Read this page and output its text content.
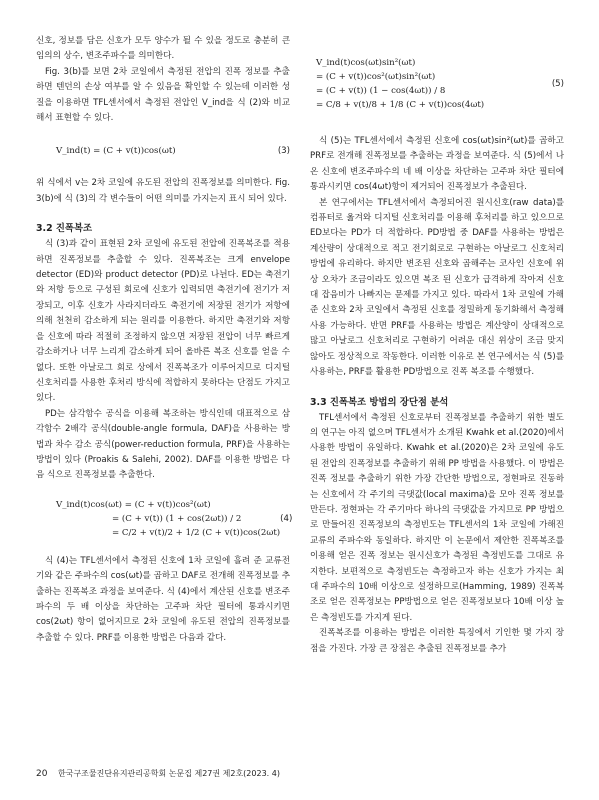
신호, 정보를 담은 신호가 모두 양수가 될 수 있을 정도로 충분히 큰 임의의 상수, 변조주파수를 의미한다.

Fig. 3(b)를 보면 2차 코일에서 측정된 전압의 진폭 정보를 추출하면 텐던의 손상 여부를 알 수 있음을 확인할 수 있는데 이러한 성질을 이용하면 TFL센서에서 측정된 전압인 V_ind을 식 (2)와 비교해서 표현할 수 있다.

V_ind(t) = (C + v(t))cos(ωt)	(3)

위 식에서 v는 2차 코일에 유도된 전압의 진폭정보를 의미한다. Fig. 3(b)에 식 (3)의 각 변수들이 어떤 의미를 가지는지 표시 되어 있다.

3.2 진폭복조

식 (3)과 같이 표현된 2차 코일에 유도된 전압에 진폭복조를 적용하면 진폭정보를 추출할 수 있다. 진폭복조는 크게 envelope detector (ED)와 product detector (PD)로 나뉜다. ED는 축전기와 저항 등으로 구성된 회로에 신호가 입력되면 축전기에 전기가 저장되고, 이후 신호가 사라지더라도 축전기에 저장된 전기가 저항에 의해 천천히 감소하게 되는 원리를 이용한다. 하지만 축전기와 저항을 신호에 따라 적절히 조정하지 않으면 저장된 전압이 너무 빠르게 감소하거나 너무 느리게 감소하게 되어 올바른 복조 신호를 얻을 수 없다. 또한 아날로그 회로 상에서 진폭복조가 이루어지므로 디지털 신호처리를 사용한 후처리 방식에 적합하지 못하다는 단점도 가지고 있다.

PD는 삼각함수 공식을 이용해 복조하는 방식인데 대표적으로 삼각함수 2배각 공식(double-angle formula, DAF)을 사용하는 방법과 차수 감소 공식(power-reduction formula, PRF)을 사용하는 방법이 있다 (Proakis & Salehi, 2002). DAF를 이용한 방법은 다음 식으로 진폭정보를 추출한다.

V_ind(t)cos(ωt) = (C + v(t))cos²(ωt)
= (C + v(t)) (1 + cos(2ωt)) / 2
= C/2 + v(t)/2 + 1/2 (C + v(t))cos(2ωt)
(4)

식 (4)는 TFL센서에서 측정된 신호에 1차 코일에 흘려 준 교류전기와 같은 주파수의 cos(ωt)를 곱하고 DAF로 전개해 진폭정보를 추출하는 진폭복조 과정을 보여준다. 식 (4)에서 계산된 신호를 변조주파수의 두 배 이상을 차단하는 고주파 차단 필터에 통과시키면 cos(2ωt) 항이 없어지므로 2차 코일에 유도된 전압의 진폭정보를 추출할 수 있다. PRF를 이용한 방법은 다음과 같다.

V_ind(t)cos(ωt)sin²(ωt)
= (C + v(t))cos²(ωt)sin²(ωt)
= (C + v(t)) (1 − cos(4ωt)) / 8
= C/8 + v(t)/8 + 1/8 (C + v(t))cos(4ωt)
(5)

식 (5)는 TFL센서에서 측정된 신호에 cos(ωt)sin²(ωt)를 곱하고 PRF로 전개해 진폭정보를 추출하는 과정을 보여준다. 식 (5)에서 나온 신호에 변조주파수의 네 배 이상을 차단하는 고주파 차단 필터에 통과시키면 cos(4ωt)항이 제거되어 진폭정보가 추출된다.

본 연구에서는 TFL센서에서 측정되어진 원시신호(raw data)를 컴퓨터로 옮겨와 디지털 신호처리를 이용해 후처리를 하고 있으므로 ED보다는 PD가 더 적합하다. PD방법 중 DAF를 사용하는 방법은 계산량이 상대적으로 적고 전기회로로 구현하는 아날로그 신호처리방법에 유리하다. 하지만 변조된 신호와 곱해주는 코사인 신호에 위상 오차가 조금이라도 있으면 복조 된 신호가 급격하게 작아져 신호 대 잡음비가 나빠지는 문제를 가지고 있다. 따라서 1차 코일에 가해 준 신호와 2차 코일에서 측정된 신호를 정밀하게 동기화해서 측정해 사용 가능하다. 반면 PRF를 사용하는 방법은 계산양이 상대적으로 많고 아날로그 신호처리로 구현하기 어려운 대신 위상이 조금 맞지 않아도 정상적으로 작동한다. 이러한 이유로 본 연구에서는 식 (5)를 사용하는, PRF를 활용한 PD방법으로 진폭 복조를 수행했다.

3.3 진폭복조 방법의 장단점 분석

TFL센서에서 측정된 신호로부터 진폭정보를 추출하기 위한 별도의 연구는 아직 없으며 TFL센서가 소개된 Kwahk et al.(2020)에서 사용한 방법이 유일하다. Kwahk et al.(2020)은 2차 코일에 유도된 전압의 진폭정보를 추출하기 위해 PP 방법을 사용했다. 이 방법은 진폭 정보를 추출하기 위한 가장 간단한 방법으로, 정현파로 진동하는 신호에서 각 주기의 극댓값(local maxima)을 모아 진폭 정보를 만든다. 정현파는 각 주기마다 하나의 극댓값을 가지므로 PP 방법으로 만들어진 진폭정보의 측정빈도는 TFL센서의 1차 코일에 가해진 교류의 주파수와 동일하다. 하지만 이 논문에서 제안한 진폭복조를 이용해 얻은 진폭 정보는 원시신호가 측정된 측정빈도를 그대로 유지한다. 보편적으로 측정빈도는 측정하고자 하는 신호가 가지는 최대 주파수의 10배 이상으로 설정하므로(Hamming, 1989) 진폭복조로 얻은 진폭정보는 PP방법으로 얻은 진폭정보보다 10배 이상 높은 측정빈도를 가지게 된다.

진폭복조를 이용하는 방법은 이러한 특징에서 기인한 몇 가지 장점을 가진다. 가장 큰 장점은 추출된 진폭정보를 추가

20 한국구조물진단유지관리공학회 논문집 제27권 제2호(2023. 4)
